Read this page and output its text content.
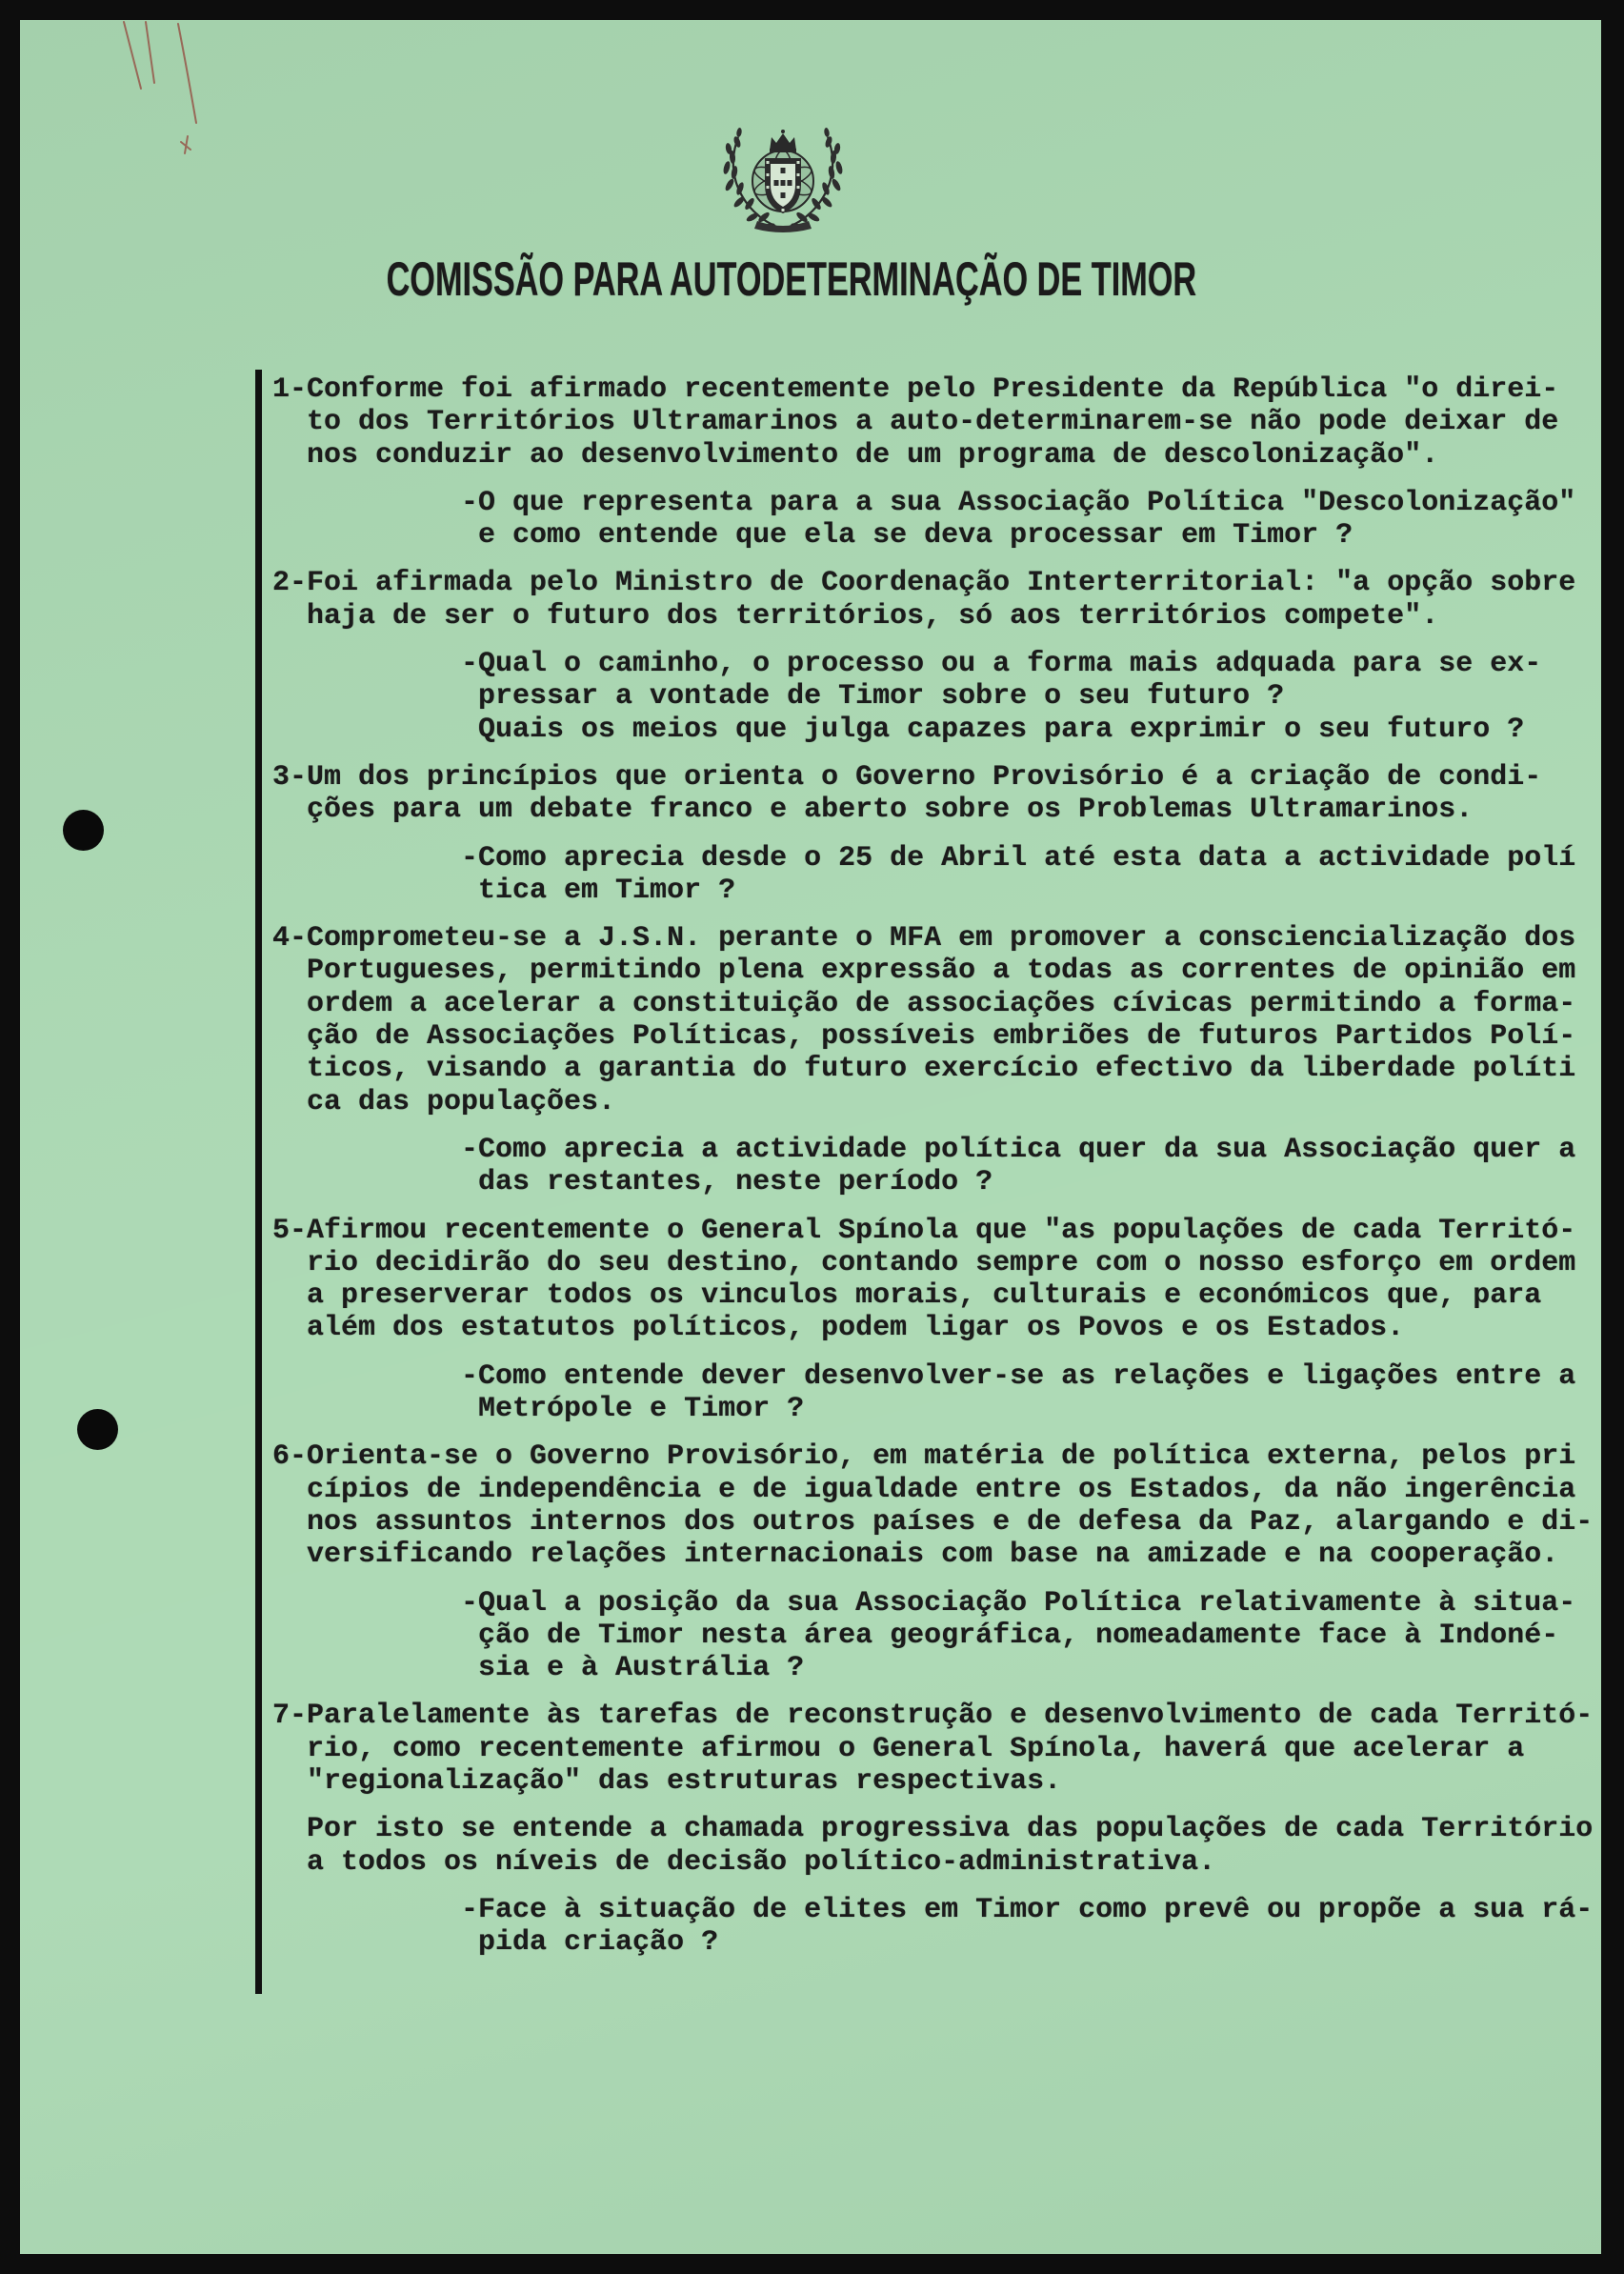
COMISSÃO PARA AUTODETERMINAÇÃO DE TIMOR
1-Conforme foi afirmado recentemente pelo Presidente da República "o direi-
to dos Territórios Ultramarinos a auto-determinarem-se não pode deixar de
nos conduzir ao desenvolvimento de um programa de descolonização".
-O que representa para a sua Associação Política "Descolonização"
e como entende que ela se deva processar em Timor ?
2-Foi afirmada pelo Ministro de Coordenação Interterritorial: "a opção sobre
haja de ser o futuro dos territórios, só aos territórios compete".
-Qual o caminho, o processo ou a forma mais adquada para se ex-
pressar a vontade de Timor sobre o seu futuro ?
Quais os meios que julga capazes para exprimir o seu futuro ?
3-Um dos princípios que orienta o Governo Provisório é a criação de condi-
ções para um debate franco e aberto sobre os Problemas Ultramarinos.
-Como aprecia desde o 25 de Abril até esta data a actividade polí
tica em Timor ?
4-Comprometeu-se a J.S.N. perante o MFA em promover a consciencialização dos
Portugueses, permitindo plena expressão a todas as correntes de opinião em
ordem a acelerar a constituição de associações cívicas permitindo a forma-
ção de Associações Políticas, possíveis embriões de futuros Partidos Polí-
ticos, visando a garantia do futuro exercício efectivo da liberdade políti
ca das populações.
-Como aprecia a actividade política quer da sua Associação quer a
das restantes, neste período ?
5-Afirmou recentemente o General Spínola que "as populações de cada Territó-
rio decidirão do seu destino, contando sempre com o nosso esforço em ordem
a preserverar todos os vinculos morais, culturais e económicos que, para
além dos estatutos políticos, podem ligar os Povos e os Estados.
-Como entende dever desenvolver-se as relações e ligações entre a
Metrópole e Timor ?
6-Orienta-se o Governo Provisório, em matéria de política externa, pelos pri
cípios de independência e de igualdade entre os Estados, da não ingerência
nos assuntos internos dos outros países e de defesa da Paz, alargando e di-
versificando relações internacionais com base na amizade e na cooperação.
-Qual a posição da sua Associação Política relativamente à situa-
ção de Timor nesta área geográfica, nomeadamente face à Indoné-
sia e à Austrália ?
7-Paralelamente às tarefas de reconstrução e desenvolvimento de cada Territó-
rio, como recentemente afirmou o General Spínola, haverá que acelerar a
"regionalização" das estruturas respectivas.
Por isto se entende a chamada progressiva das populações de cada Território
a todos os níveis de decisão político-administrativa.
-Face à situação de elites em Timor como prevê ou propõe a sua rá-
pida criação ?
